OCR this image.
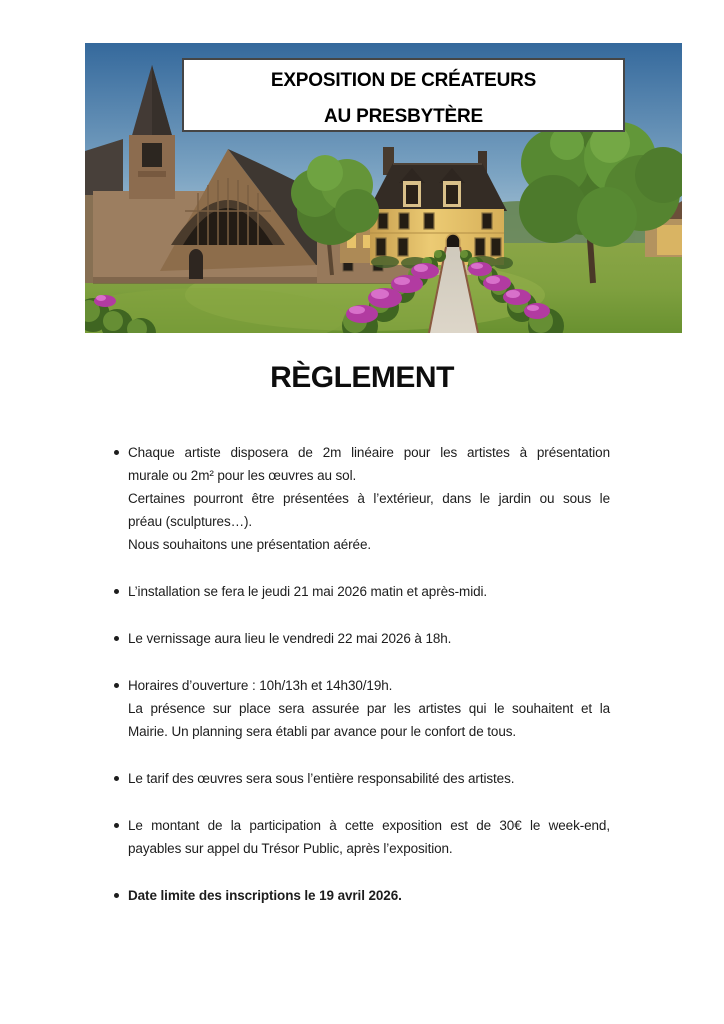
EXPOSITION DE CRÉATEURS
AU PRESBYTÈRE
RÈGLEMENT
Chaque artiste disposera de 2m linéaire pour les artistes à présentation
murale ou 2m² pour les œuvres au sol.
Certaines pourront être présentées à l’extérieur, dans le jardin ou sous le
préau (sculptures…).
Nous souhaitons une présentation aérée.
L’installation se fera le jeudi 21 mai 2026 matin et après-midi.
Le vernissage aura lieu le vendredi 22 mai 2026 à 18h.
Horaires d’ouverture : 10h/13h et 14h30/19h.
La présence sur place sera assurée par les artistes qui le souhaitent et la
Mairie. Un planning sera établi par avance pour le confort de tous.
Le tarif des œuvres sera sous l’entière responsabilité des artistes.
Le montant de la participation à cette exposition est de 30€ le week-end,
payables sur appel du Trésor Public, après l’exposition.
Date limite des inscriptions le 19 avril 2026.
